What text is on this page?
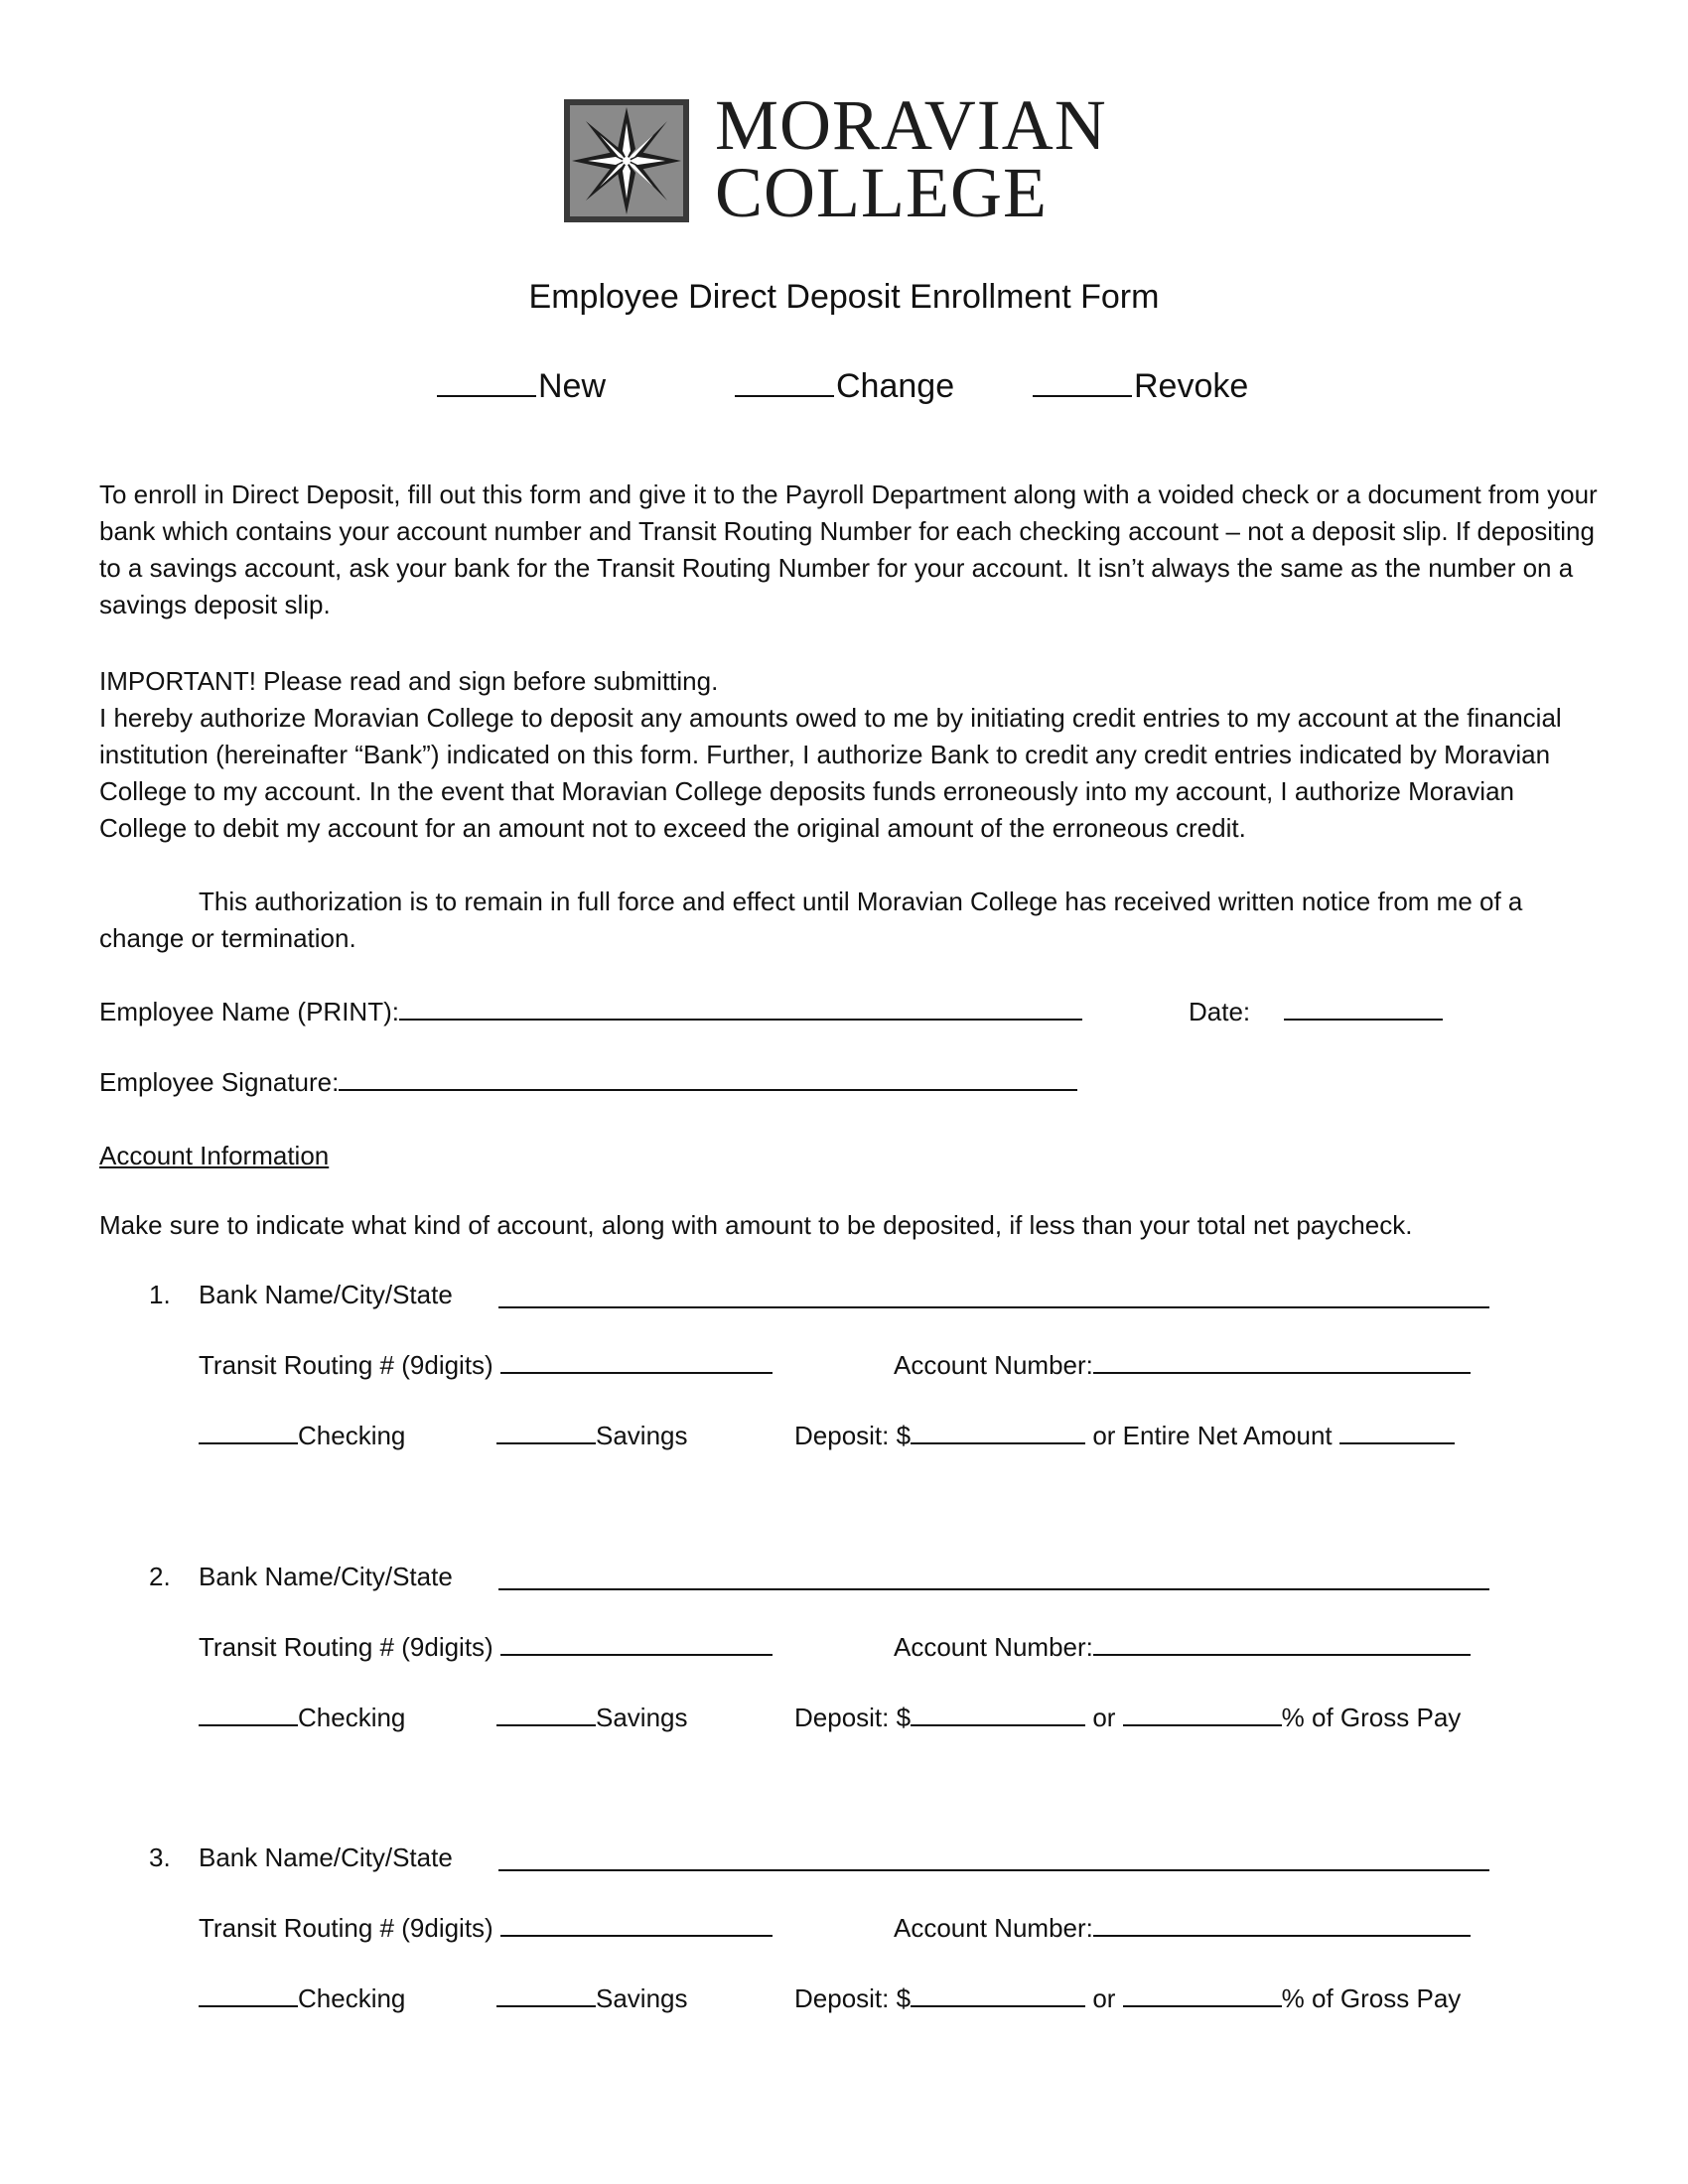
MORAVIAN
COLLEGE
Employee Direct Deposit Enrollment Form
New	Change	Revoke
To enroll in Direct Deposit, fill out this form and give it to the Payroll Department along with a voided check or a document from your bank which contains your account number and Transit Routing Number for each checking account – not a deposit slip. If depositing to a savings account, ask your bank for the Transit Routing Number for your account. It isn’t always the same as the number on a savings deposit slip.
IMPORTANT! Please read and sign before submitting.
I hereby authorize Moravian College to deposit any amounts owed to me by initiating credit entries to my account at the financial institution (hereinafter “Bank”) indicated on this form. Further, I authorize Bank to credit any credit entries indicated by Moravian College to my account. In the event that Moravian College deposits funds erroneously into my account, I authorize Moravian College to debit my account for an amount not to exceed the original amount of the erroneous credit.
This authorization is to remain in full force and effect until Moravian College has received written notice from me of a change or termination.
Employee Name (PRINT):	Date:
Employee Signature:
Account Information
Make sure to indicate what kind of account, along with amount to be deposited, if less than your total net paycheck.
1. Bank Name/City/State
Transit Routing # (9digits)	Account Number:
Checking	Savings	Deposit: $	or Entire Net Amount
2. Bank Name/City/State
Transit Routing # (9digits)	Account Number:
Checking	Savings	Deposit: $	or	% of Gross Pay
3. Bank Name/City/State
Transit Routing # (9digits)	Account Number:
Checking	Savings	Deposit: $	or	% of Gross Pay
